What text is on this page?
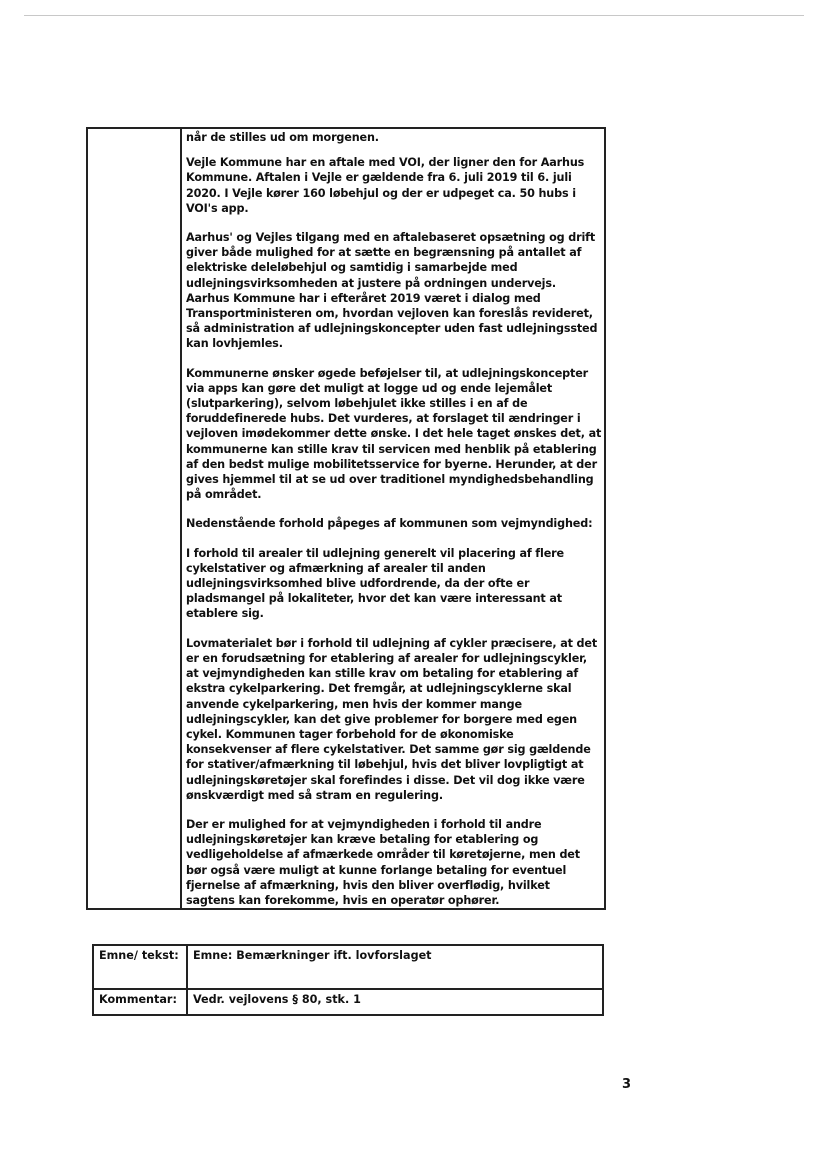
når de stilles ud om morgenen.

Vejle Kommune har en aftale med VOI, der ligner den for Aarhus Kommune. Aftalen i Vejle er gældende fra 6. juli 2019 til 6. juli 2020. I Vejle kører 160 løbehjul og der er udpeget ca. 50 hubs i VOI's app.

Aarhus' og Vejles tilgang med en aftalebaseret opsætning og drift giver både mulighed for at sætte en begrænsning på antallet af elektriske deleløbehjul og samtidig i samarbejde med udlejningsvirksomheden at justere på ordningen undervejs. Aarhus Kommune har i efteråret 2019 været i dialog med Transportministeren om, hvordan vejloven kan foreslås revideret, så administration af udlejningskoncepter uden fast udlejningssted kan lovhjemles.

Kommunerne ønsker øgede beføjelser til, at udlejningskoncepter via apps kan gøre det muligt at logge ud og ende lejemålet (slutparkering), selvom løbehjulet ikke stilles i en af de foruddefinerede hubs. Det vurderes, at forslaget til ændringer i vejloven imødekommer dette ønske. I det hele taget ønskes det, at kommunerne kan stille krav til servicen med henblik på etablering af den bedst mulige mobilitetsservice for byerne. Herunder, at der gives hjemmel til at se ud over traditionel myndighedsbehandling på området.

Nedenstående forhold påpeges af kommunen som vejmyndighed:

I forhold til arealer til udlejning generelt vil placering af flere cykelstativer og afmærkning af arealer til anden udlejningsvirksomhed blive udfordrende, da der ofte er pladsmangel på lokaliteter, hvor det kan være interessant at etablere sig.

Lovmaterialet bør i forhold til udlejning af cykler præcisere, at det er en forudsætning for etablering af arealer for udlejningscykler, at vejmyndigheden kan stille krav om betaling for etablering af ekstra cykelparkering. Det fremgår, at udlejningscyklerne skal anvende cykelparkering, men hvis der kommer mange udlejningscykler, kan det give problemer for borgere med egen cykel. Kommunen tager forbehold for de økonomiske konsekvenser af flere cykelstativer. Det samme gør sig gældende for stativer/afmærkning til løbehjul, hvis det bliver lovpligtigt at udlejningskøretøjer skal forefindes i disse. Det vil dog ikke være ønskværdigt med så stram en regulering.

Der er mulighed for at vejmyndigheden i forhold til andre udlejningskøretøjer kan kræve betaling for etablering og vedligeholdelse af afmærkede områder til køretøjerne, men det bør også være muligt at kunne forlange betaling for eventuel fjernelse af afmærkning, hvis den bliver overflødig, hvilket sagtens kan forekomme, hvis en operatør ophører.

Emne/ tekst:	Emne: Bemærkninger ift. lovforslaget
Kommentar:	Vedr. vejlovens § 80, stk. 1
3
